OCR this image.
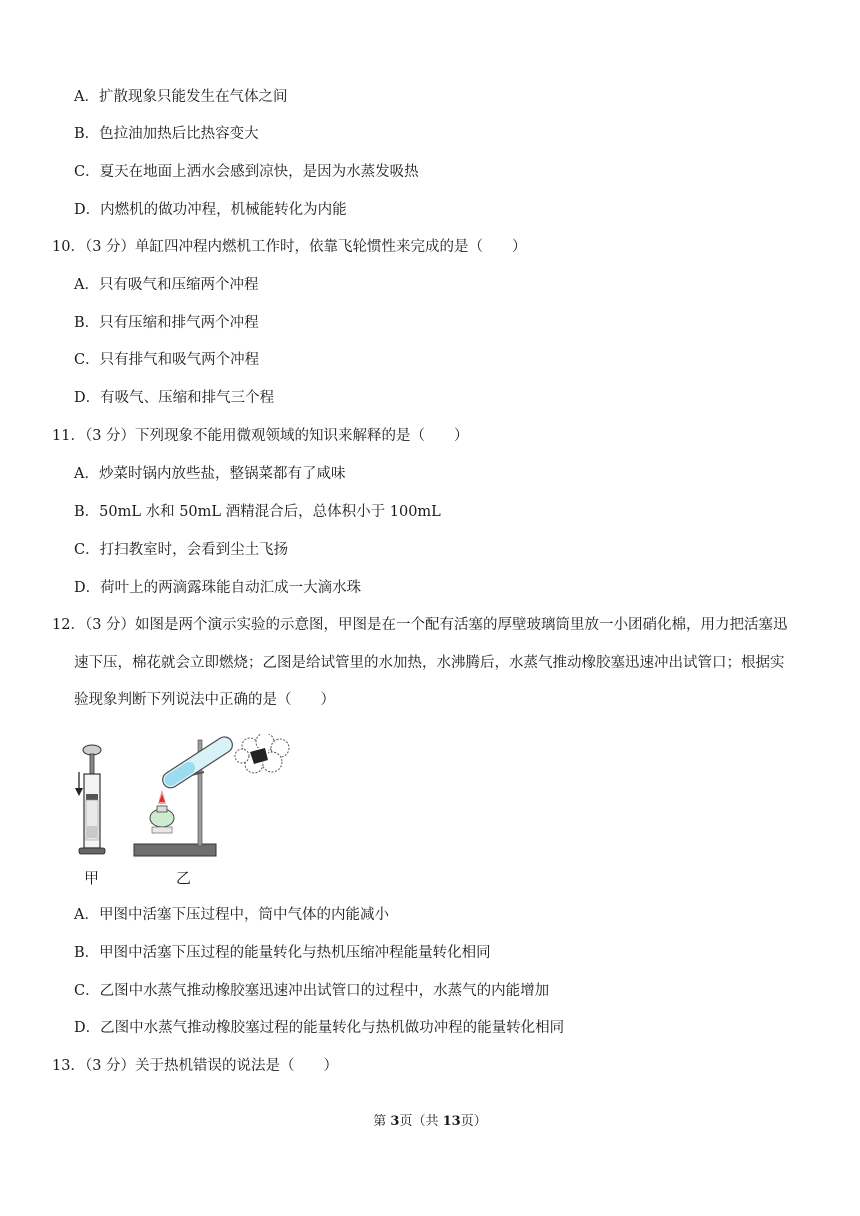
A．扩散现象只能发生在气体之间
B．色拉油加热后比热容变大
C．夏天在地面上洒水会感到凉快，是因为水蒸发吸热
D．内燃机的做功冲程，机械能转化为内能
10．（3 分）单缸四冲程内燃机工作时，依靠飞轮惯性来完成的是（　　）
A．只有吸气和压缩两个冲程
B．只有压缩和排气两个冲程
C．只有排气和吸气两个冲程
D．有吸气、压缩和排气三个程
11．（3 分）下列现象不能用微观领域的知识来解释的是（　　）
A．炒菜时锅内放些盐，整锅菜都有了咸味
B．50mL 水和 50mL 酒精混合后，总体积小于 100mL
C．打扫教室时，会看到尘土飞扬
D．荷叶上的两滴露珠能自动汇成一大滴水珠
12．（3 分）如图是两个演示实验的示意图，甲图是在一个配有活塞的厚壁玻璃筒里放一小团硝化棉，用力把活塞迅
速下压，棉花就会立即燃烧；乙图是给试管里的水加热，水沸腾后，水蒸气推动橡胶塞迅速冲出试管口；根据实
验现象判断下列说法中正确的是（　　）
甲	乙
A．甲图中活塞下压过程中，筒中气体的内能减小
B．甲图中活塞下压过程的能量转化与热机压缩冲程能量转化相同
C．乙图中水蒸气推动橡胶塞迅速冲出试管口的过程中，水蒸气的内能增加
D．乙图中水蒸气推动橡胶塞过程的能量转化与热机做功冲程的能量转化相同
13．（3 分）关于热机错误的说法是（　　）
第 3页（共 13页）
